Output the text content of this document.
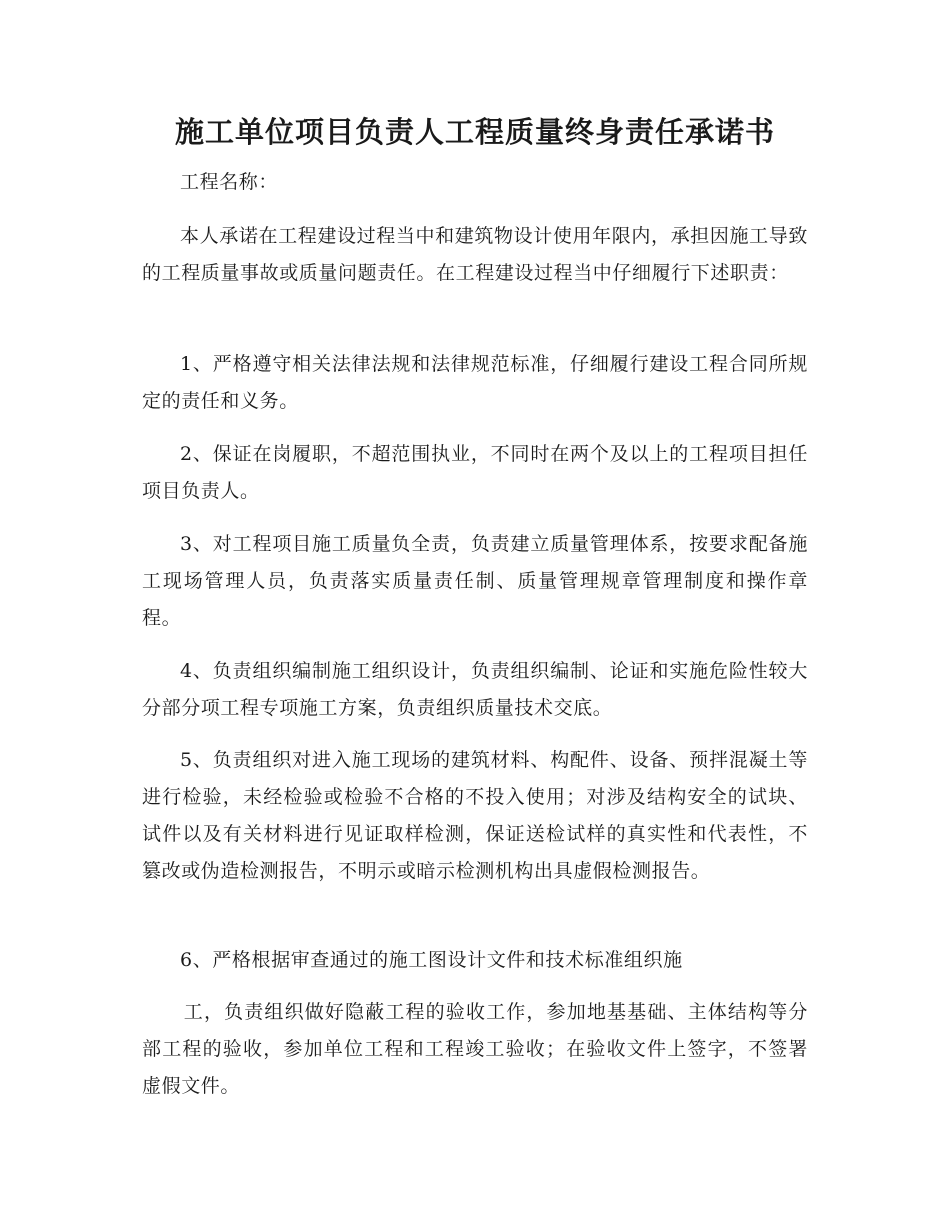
施工单位项目负责人工程质量终身责任承诺书

工程名称：

本人承诺在工程建设过程当中和建筑物设计使用年限内，承担因施工导致的工程质量事故或质量问题责任。在工程建设过程当中仔细履行下述职责：

1、严格遵守相关法律法规和法律规范标准，仔细履行建设工程合同所规定的责任和义务。

2、保证在岗履职，不超范围执业，不同时在两个及以上的工程项目担任项目负责人。

3、对工程项目施工质量负全责，负责建立质量管理体系，按要求配备施工现场管理人员，负责落实质量责任制、质量管理规章管理制度和操作章程。

4、负责组织编制施工组织设计，负责组织编制、论证和实施危险性较大分部分项工程专项施工方案，负责组织质量技术交底。

5、负责组织对进入施工现场的建筑材料、构配件、设备、预拌混凝土等进行检验，未经检验或检验不合格的不投入使用；对涉及结构安全的试块、试件以及有关材料进行见证取样检测，保证送检试样的真实性和代表性，不篡改或伪造检测报告，不明示或暗示检测机构出具虚假检测报告。

6、严格根据审查通过的施工图设计文件和技术标准组织施

工，负责组织做好隐蔽工程的验收工作，参加地基基础、主体结构等分部工程的验收，参加单位工程和工程竣工验收；在验收文件上签字，不签署虚假文件。
